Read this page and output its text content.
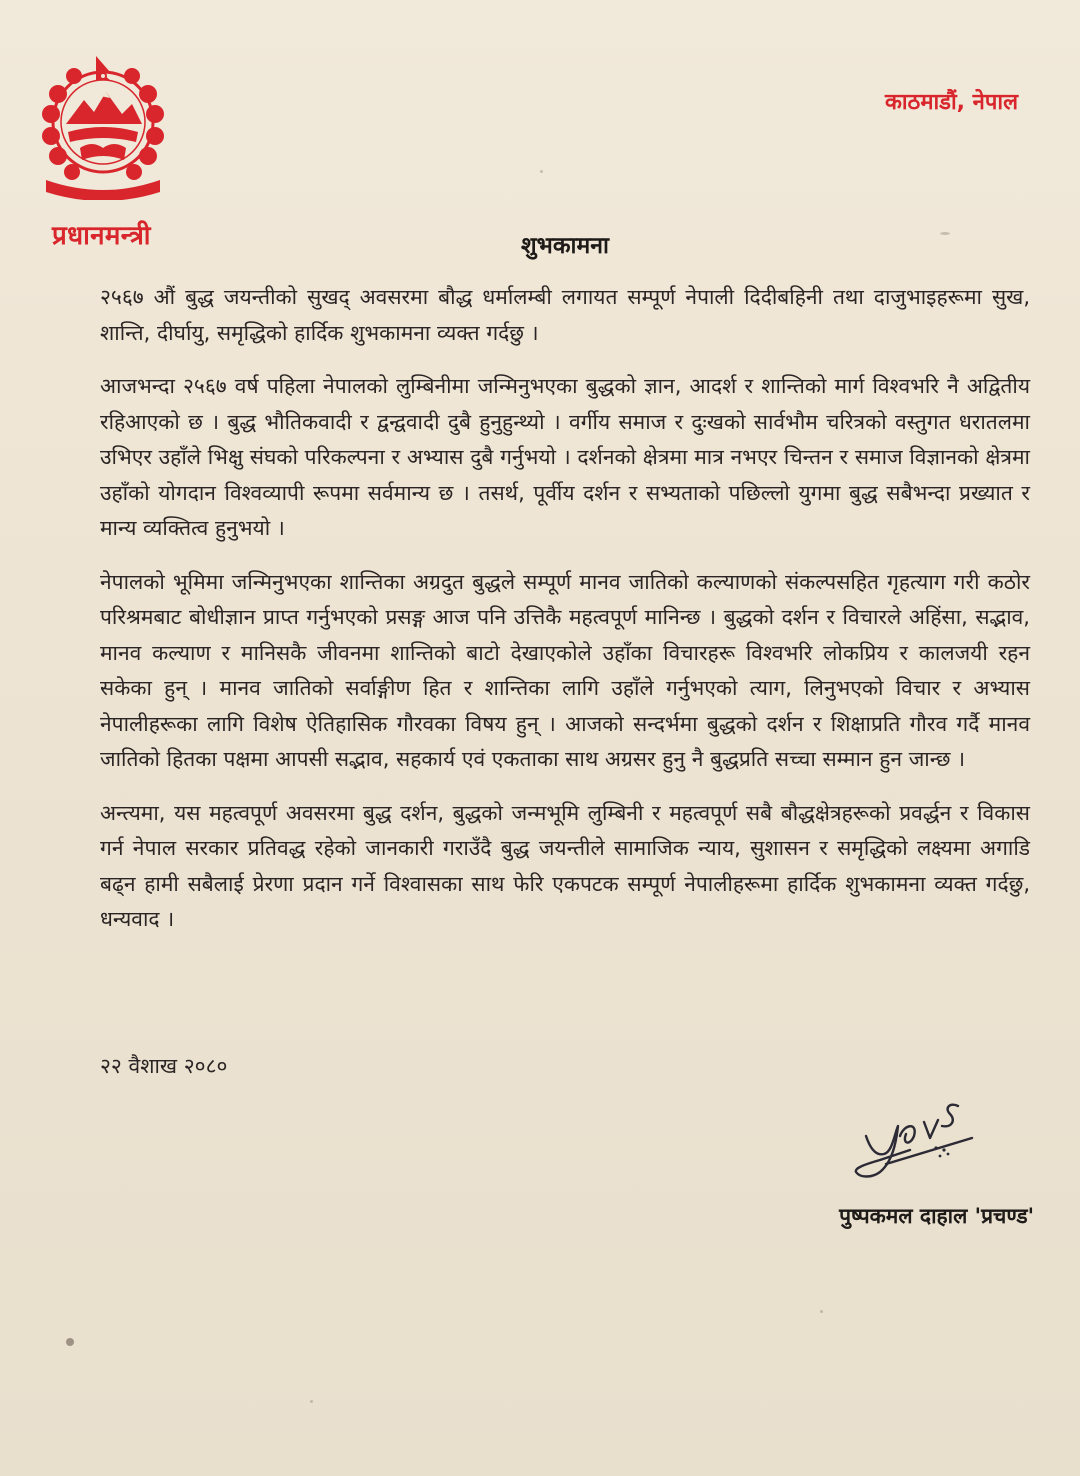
प्रधानमन्त्री
काठमाडौं, नेपाल
शुभकामना

२५६७ औं बुद्ध जयन्तीको सुखद् अवसरमा बौद्ध धर्मालम्बी लगायत सम्पूर्ण नेपाली दिदीबहिनी तथा दाजुभाइहरूमा सुख, शान्ति, दीर्घायु, समृद्धिको हार्दिक शुभकामना व्यक्त गर्दछु ।

आजभन्दा २५६७ वर्ष पहिला नेपालको लुम्बिनीमा जन्मिनुभएका बुद्धको ज्ञान, आदर्श र शान्तिको मार्ग विश्वभरि नै अद्वितीय रहिआएको छ । बुद्ध भौतिकवादी र द्वन्द्ववादी दुबै हुनुहुन्थ्यो । वर्गीय समाज र दुःखको सार्वभौम चरित्रको वस्तुगत धरातलमा उभिएर उहाँले भिक्षु संघको परिकल्पना र अभ्यास दुबै गर्नुभयो । दर्शनको क्षेत्रमा मात्र नभएर चिन्तन र समाज विज्ञानको क्षेत्रमा उहाँको योगदान विश्वव्यापी रूपमा सर्वमान्य छ । तसर्थ, पूर्वीय दर्शन र सभ्यताको पछिल्लो युगमा बुद्ध सबैभन्दा प्रख्यात र मान्य व्यक्तित्व हुनुभयो ।

नेपालको भूमिमा जन्मिनुभएका शान्तिका अग्रदुत बुद्धले सम्पूर्ण मानव जातिको कल्याणको संकल्पसहित गृहत्याग गरी कठोर परिश्रमबाट बोधीज्ञान प्राप्त गर्नुभएको प्रसङ्ग आज पनि उत्तिकै महत्वपूर्ण मानिन्छ । बुद्धको दर्शन र विचारले अहिंसा, सद्भाव, मानव कल्याण र मानिसकै जीवनमा शान्तिको बाटो देखाएकोले उहाँका विचारहरू विश्वभरि लोकप्रिय र कालजयी रहन सकेका हुन् । मानव जातिको सर्वाङ्गीण हित र शान्तिका लागि उहाँले गर्नुभएको त्याग, लिनुभएको विचार र अभ्यास नेपालीहरूका लागि विशेष ऐतिहासिक गौरवका विषय हुन् । आजको सन्दर्भमा बुद्धको दर्शन र शिक्षाप्रति गौरव गर्दै मानव जातिको हितका पक्षमा आपसी सद्भाव, सहकार्य एवं एकताका साथ अग्रसर हुनु नै बुद्धप्रति सच्चा सम्मान हुन जान्छ ।

अन्त्यमा, यस महत्वपूर्ण अवसरमा बुद्ध दर्शन, बुद्धको जन्मभूमि लुम्बिनी र महत्वपूर्ण सबै बौद्धक्षेत्रहरूको प्रवर्द्धन र विकास गर्न नेपाल सरकार प्रतिवद्ध रहेको जानकारी गराउँदै बुद्ध जयन्तीले सामाजिक न्याय, सुशासन र समृद्धिको लक्ष्यमा अगाडि बढ्न हामी सबैलाई प्रेरणा प्रदान गर्ने विश्वासका साथ फेरि एकपटक सम्पूर्ण नेपालीहरूमा हार्दिक शुभकामना व्यक्त गर्दछु, धन्यवाद ।

२२ वैशाख २०८०
पुष्पकमल दाहाल 'प्रचण्ड'
